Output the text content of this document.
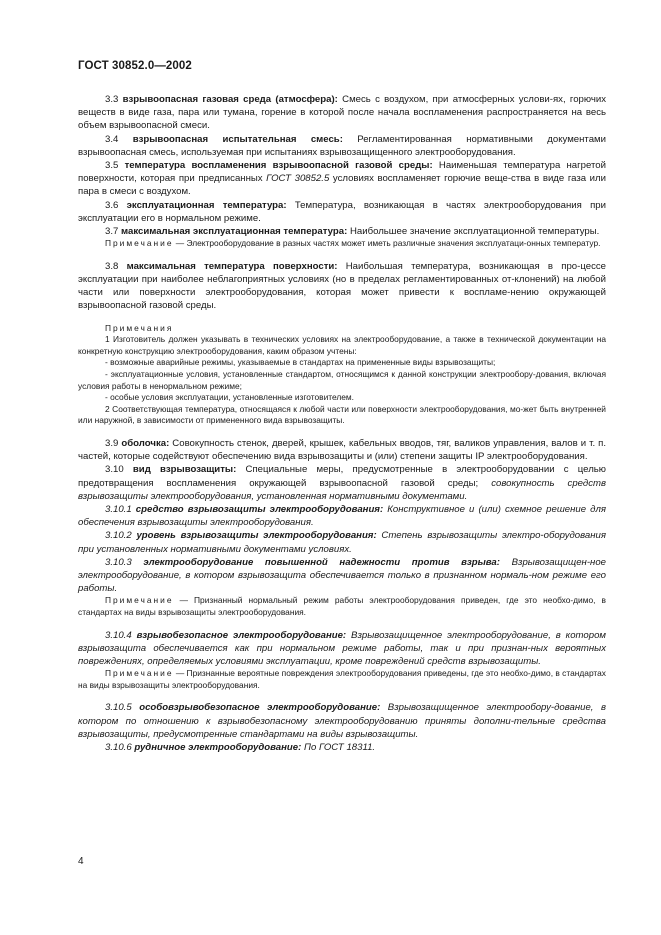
ГОСТ 30852.0—2002

3.3 взрывоопасная газовая среда (атмосфера): Смесь с воздухом, при атмосферных услови-ях, горючих веществ в виде газа, пара или тумана, горение в которой после начала воспламенения распространяется на весь объем взрывоопасной смеси.

3.4 взрывоопасная испытательная смесь: Регламентированная нормативными документами взрывоопасная смесь, используемая при испытаниях взрывозащищенного электрооборудования.

3.5 температура воспламенения взрывоопасной газовой среды: Наименьшая температура нагретой поверхности, которая при предписанных ГОСТ 30852.5 условиях воспламеняет горючие веще-ства в виде газа или пара в смеси с воздухом.

3.6 эксплуатационная температура: Температура, возникающая в частях электрооборудования при эксплуатации его в нормальном режиме.

3.7 максимальная эксплуатационная температура: Наибольшее значение эксплуатационной температуры.

Примечание — Электрооборудование в разных частях может иметь различные значения эксплуатаци-онных температур.

3.8 максимальная температура поверхности: Наибольшая температура, возникающая в про-цессе эксплуатации при наиболее неблагоприятных условиях (но в пределах регламентированных от-клонений) на любой части или поверхности электрооборудования, которая может привести к воспламе-нению окружающей взрывоопасной газовой среды.

Примечания

1 Изготовитель должен указывать в технических условиях на электрооборудование, а также в технической документации на конкретную конструкцию электрооборудования, каким образом учтены:

- возможные аварийные режимы, указываемые в стандартах на примененные виды взрывозащиты;

- эксплуатационные условия, установленные стандартом, относящимся к данной конструкции электрообору-дования, включая условия работы в ненормальном режиме;

- особые условия эксплуатации, установленные изготовителем.

2 Соответствующая температура, относящаяся к любой части или поверхности электрооборудования, мо-жет быть внутренней или наружной, в зависимости от примененного вида взрывозащиты.

3.9 оболочка: Совокупность стенок, дверей, крышек, кабельных вводов, тяг, валиков управления, валов и т. п. частей, которые содействуют обеспечению вида взрывозащиты и (или) степени защиты IP электрооборудования.

3.10 вид взрывозащиты: Специальные меры, предусмотренные в электрооборудовании с целью предотвращения воспламенения окружающей взрывоопасной газовой среды; совокупность средств взрывозащиты электрооборудования, установленная нормативными документами.

3.10.1 средство взрывозащиты электрооборудования: Конструктивное и (или) схемное решение для обеспечения взрывозащиты электрооборудования.

3.10.2 уровень взрывозащиты электрооборудования: Степень взрывозащиты электро-оборудования при установленных нормативными документами условиях.

3.10.3 электрооборудование повышенной надежности против взрыва: Взрывозащищен-ное электрооборудование, в котором взрывозащита обеспечивается только в признанном нормаль-ном режиме его работы.

Примечание — Признанный нормальный режим работы электрооборудования приведен, где это необхо-димо, в стандартах на виды взрывозащиты электрооборудования.

3.10.4 взрывобезопасное электрооборудование: Взрывозащищенное электрооборудование, в котором взрывозащита обеспечивается как при нормальном режиме работы, так и при признан-ных вероятных повреждениях, определяемых условиями эксплуатации, кроме повреждений средств взрывозащиты.

Примечание — Признанные вероятные повреждения электрооборудования приведены, где это необхо-димо, в стандартах на виды взрывозащиты электрооборудования.

3.10.5 особовзрывобезопасное электрооборудование: Взрывозащищенное электрообору-дование, в котором по отношению к взрывобезопасному электрооборудованию приняты дополни-тельные средства взрывозащиты, предусмотренные стандартами на виды взрывозащиты.

3.10.6 рудничное электрооборудование: По ГОСТ 18311.

4
